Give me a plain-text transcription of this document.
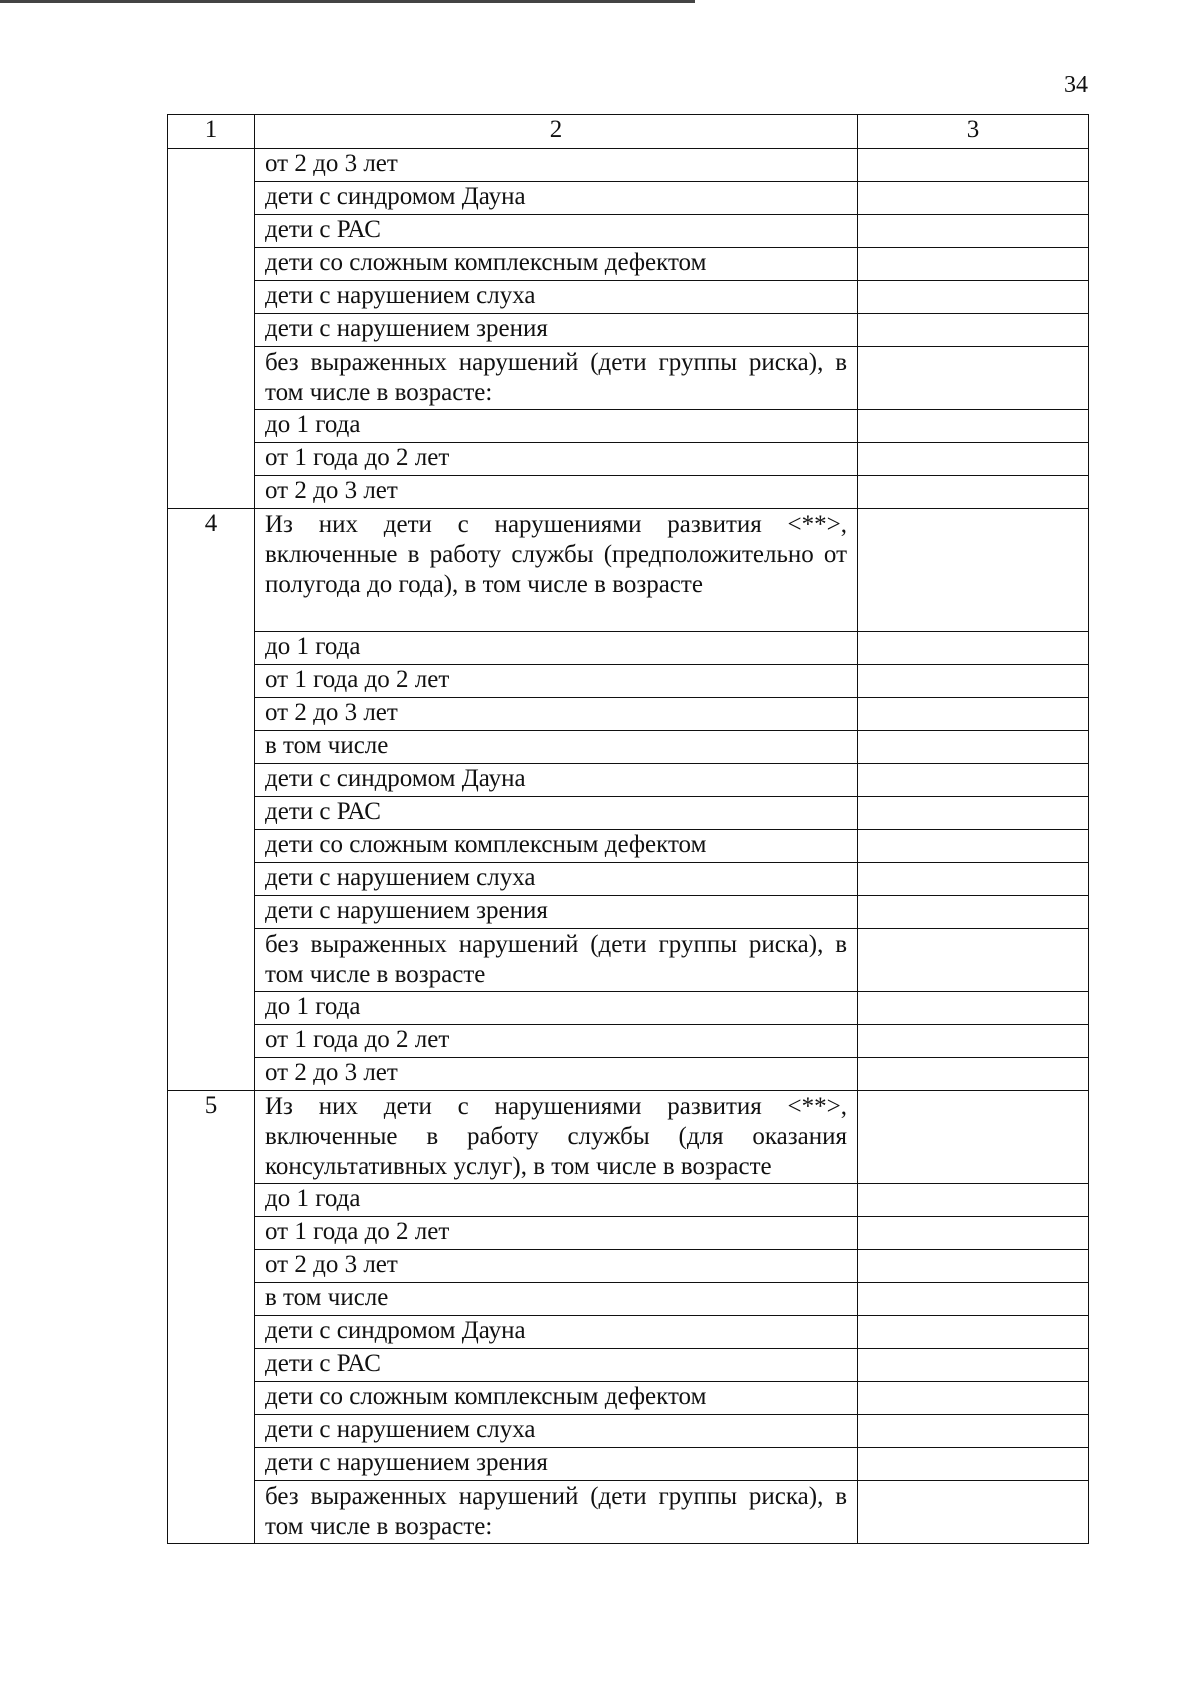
34
1	2	3
	от 2 до 3 лет	
	дети с синдромом Дауна	
	дети с РАС	
	дети со сложным комплексным дефектом	
	дети с нарушением слуха	
	дети с нарушением зрения	
	без выраженных нарушений (дети группы риска), в том числе в возрасте:	
	до 1 года	
	от 1 года до 2 лет	
	от 2 до 3 лет	
4	Из них дети с нарушениями развития <**>, включенные в работу службы (предположительно от полугода до года), в том числе в возрасте	
	до 1 года	
	от 1 года до 2 лет	
	от 2 до 3 лет	
	в том числе	
	дети с синдромом Дауна	
	дети с РАС	
	дети со сложным комплексным дефектом	
	дети с нарушением слуха	
	дети с нарушением зрения	
	без выраженных нарушений (дети группы риска), в том числе в возрасте	
	до 1 года	
	от 1 года до 2 лет	
	от 2 до 3 лет	
5	Из них дети с нарушениями развития <**>, включенные в работу службы (для оказания консультативных услуг), в том числе в возрасте	
	до 1 года	
	от 1 года до 2 лет	
	от 2 до 3 лет	
	в том числе	
	дети с синдромом Дауна	
	дети с РАС	
	дети со сложным комплексным дефектом	
	дети с нарушением слуха	
	дети с нарушением зрения	
	без выраженных нарушений (дети группы риска), в том числе в возрасте:	
